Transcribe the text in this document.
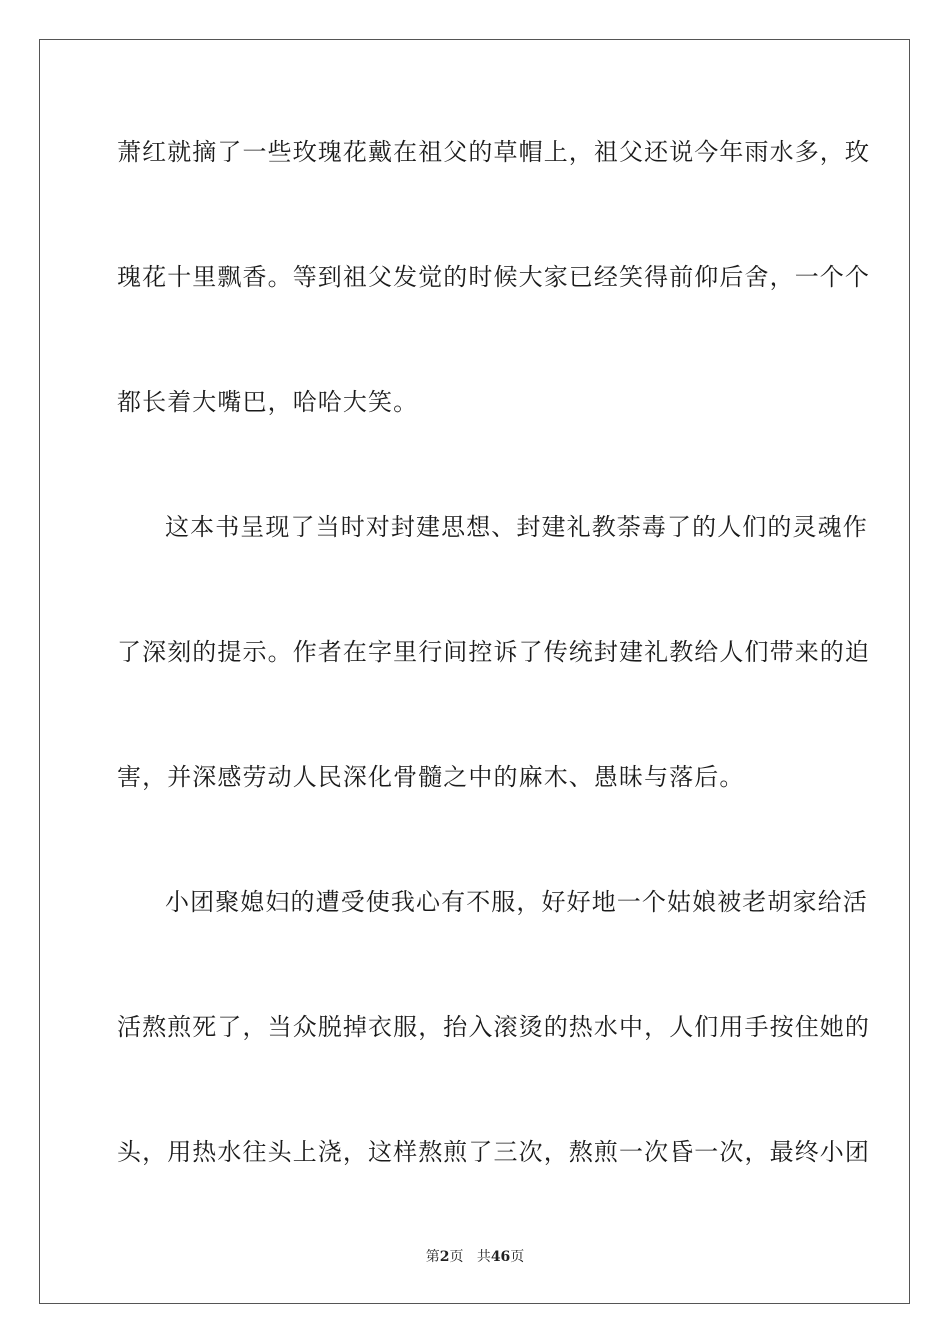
萧红就摘了一些玫瑰花戴在祖父的草帽上，祖父还说今年雨水多，玫
瑰花十里飘香。等到祖父发觉的时候大家已经笑得前仰后舍，一个个
都长着大嘴巴，哈哈大笑。
这本书呈现了当时对封建思想、封建礼教荼毒了的人们的灵魂作
了深刻的提示。作者在字里行间控诉了传统封建礼教给人们带来的迫
害，并深感劳动人民深化骨髓之中的麻木、愚昧与落后。
小团聚媳妇的遭受使我心有不服，好好地一个姑娘被老胡家给活
活熬煎死了，当众脱掉衣服，抬入滚烫的热水中，人们用手按住她的
头，用热水往头上浇，这样熬煎了三次，熬煎一次昏一次，最终小团
第2页 共46页
